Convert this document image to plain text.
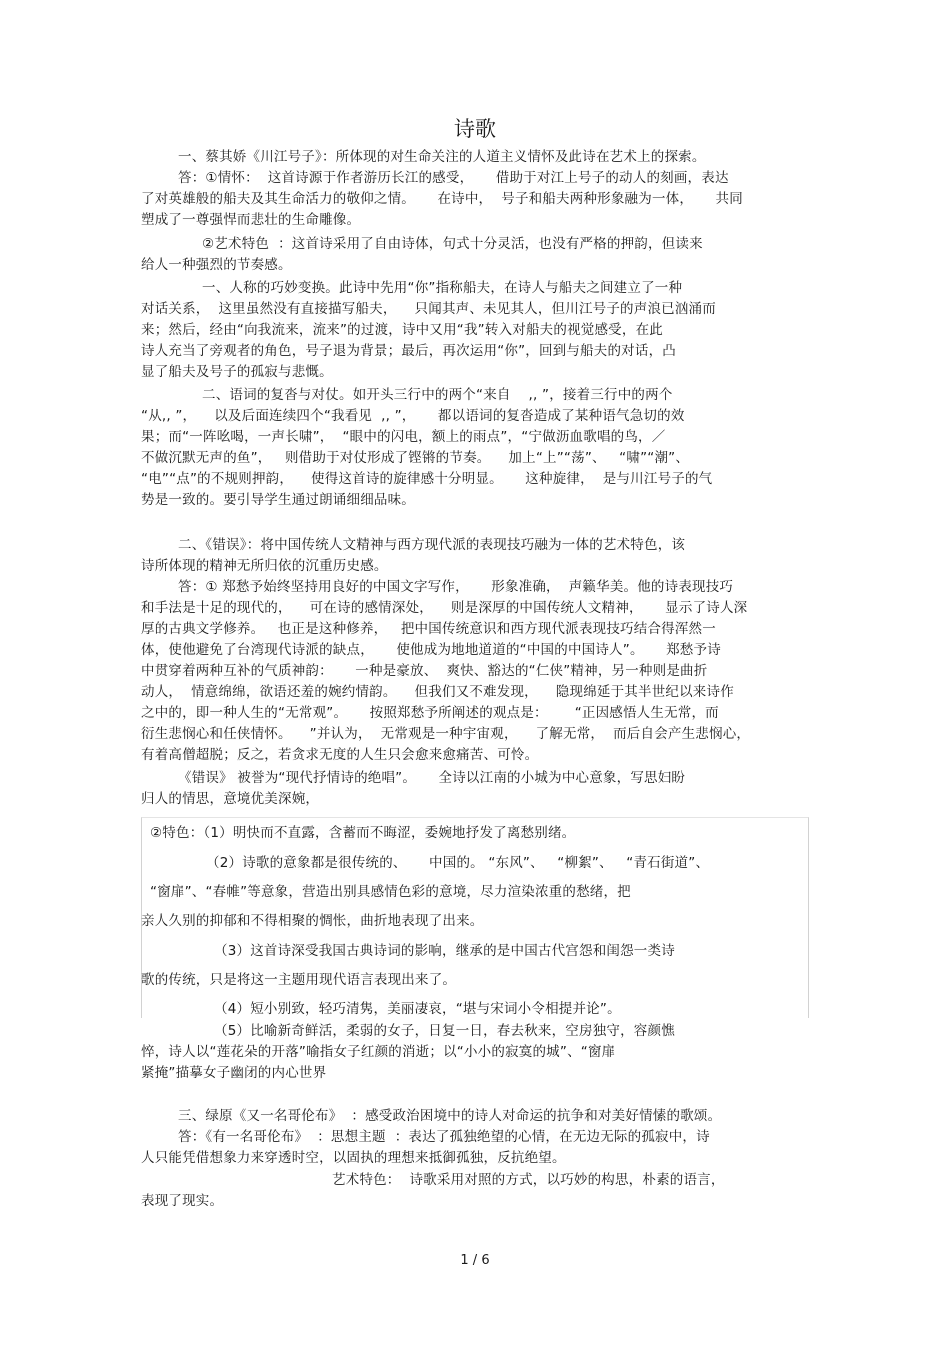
诗歌

一、蔡其娇《川江号子》：所体现的对生命关注的人道主义情怀及此诗在艺术上的探索。

答：①情怀：  这首诗源于作者游历长江的感受，     借助于对江上号子的动人的刻画，表达

了对英雄般的船夫及其生命活力的敬仰之情。     在诗中，  号子和船夫两种形象融为一体，     共同

塑成了一尊强悍而悲壮的生命雕像。

②艺术特色  ：这首诗采用了自由诗体，句式十分灵活，也没有严格的押韵，但读来

给人一种强烈的节奏感。

一、人称的巧妙变换。此诗中先用“你”指称船夫，在诗人与船夫之间建立了一种

对话关系，  这里虽然没有直接描写船夫，    只闻其声、未见其人，但川江号子的声浪已汹涌而

来；然后，经由“向我流来，流来”的过渡，诗中又用“我”转入对船夫的视觉感受，在此

诗人充当了旁观者的角色，号子退为背景；最后，再次运用“你”，回到与船夫的对话，凸

显了船夫及号子的孤寂与悲慨。

二、语词的复沓与对仗。如开头三行中的两个“来自    ,, ”，接着三行中的两个

“从,, ”，    以及后面连续四个“我看见  ,, ”，     都以语词的复沓造成了某种语气急切的效

果；而“一阵吆喝，一声长啸”，  “眼中的闪电，额上的雨点”，“宁做沥血歌唱的鸟，／

不做沉默无声的鱼”，   则借助于对仗形成了铿锵的节奏。    加上“上”“荡”、   “啸”“潮”、

“电”“点”的不规则押韵，    使得这首诗的旋律感十分明显。     这种旋律，  是与川江号子的气

势是一致的。要引导学生通过朗诵细细品味。

二、《错误》：将中国传统人文精神与西方现代派的表现技巧融为一体的艺术特色，该

诗所体现的精神无所归依的沉重历史感。

答：① 郑愁予始终坚持用良好的中国文字写作，     形象准确，  声籁华美。他的诗表现技巧

和手法是十足的现代的，    可在诗的感情深处，    则是深厚的中国传统人文精神，     显示了诗人深

厚的古典文学修养。   也正是这种修养，   把中国传统意识和西方现代派表现技巧结合得浑然一

体，使他避免了台湾现代诗派的缺点，     使他成为地地道道的“中国的中国诗人”。     郑愁予诗

中贯穿着两种互补的气质神韵：     一种是豪放、  爽快、豁达的“仁侠”精神，另一种则是曲折

动人，  情意绵绵，欲语还羞的婉约情韵。    但我们又不难发现，    隐现绵延于其半世纪以来诗作

之中的，即一种人生的“无常观”。     按照郑愁予所阐述的观点是：      “正因感悟人生无常，而

衍生悲悯心和任侠情怀。    ”并认为，  无常观是一种宇宙观，    了解无常，  而后自会产生悲悯心，

有着高僧超脱；反之，若贪求无度的人生只会愈来愈痛苦、可怜。

《错误》 被誉为“现代抒情诗的绝唱”。     全诗以江南的小城为中心意象，写思妇盼

归人的情思，意境优美深婉，

②特色：（1）明快而不直露，含蓄而不晦涩，委婉地抒发了离愁别绪。

（2）诗歌的意象都是很传统的、     中国的。 “东风”、   “柳絮”、   “青石街道”、

“窗扉”、“春帷”等意象，营造出别具感情色彩的意境，尽力渲染浓重的愁绪，把

亲人久别的抑郁和不得相聚的惆怅，曲折地表现了出来。

（3）这首诗深受我国古典诗词的影响，继承的是中国古代宫怨和闺怨一类诗

歌的传统，只是将这一主题用现代语言表现出来了。

（4）短小别致，轻巧清隽，美丽凄哀，“堪与宋词小令相提并论”。

（5）比喻新奇鲜活，柔弱的女子，日复一日，春去秋来，空房独守，容颜憔

悴，诗人以“莲花朵的开落”喻指女子红颜的消逝；以“小小的寂寞的城”、“窗扉

紧掩”描摹女子幽闭的内心世界

三、绿原《又一名哥伦布》  ：感受政治困境中的诗人对命运的抗争和对美好情愫的歌颂。

答：《有一名哥伦布》  ：思想主题  ：表达了孤独绝望的心情，在无边无际的孤寂中，诗

人只能凭借想象力来穿透时空，以固执的理想来抵御孤独，反抗绝望。

艺术特色：  诗歌采用对照的方式，以巧妙的构思，朴素的语言，

表现了现实。

1 / 6
